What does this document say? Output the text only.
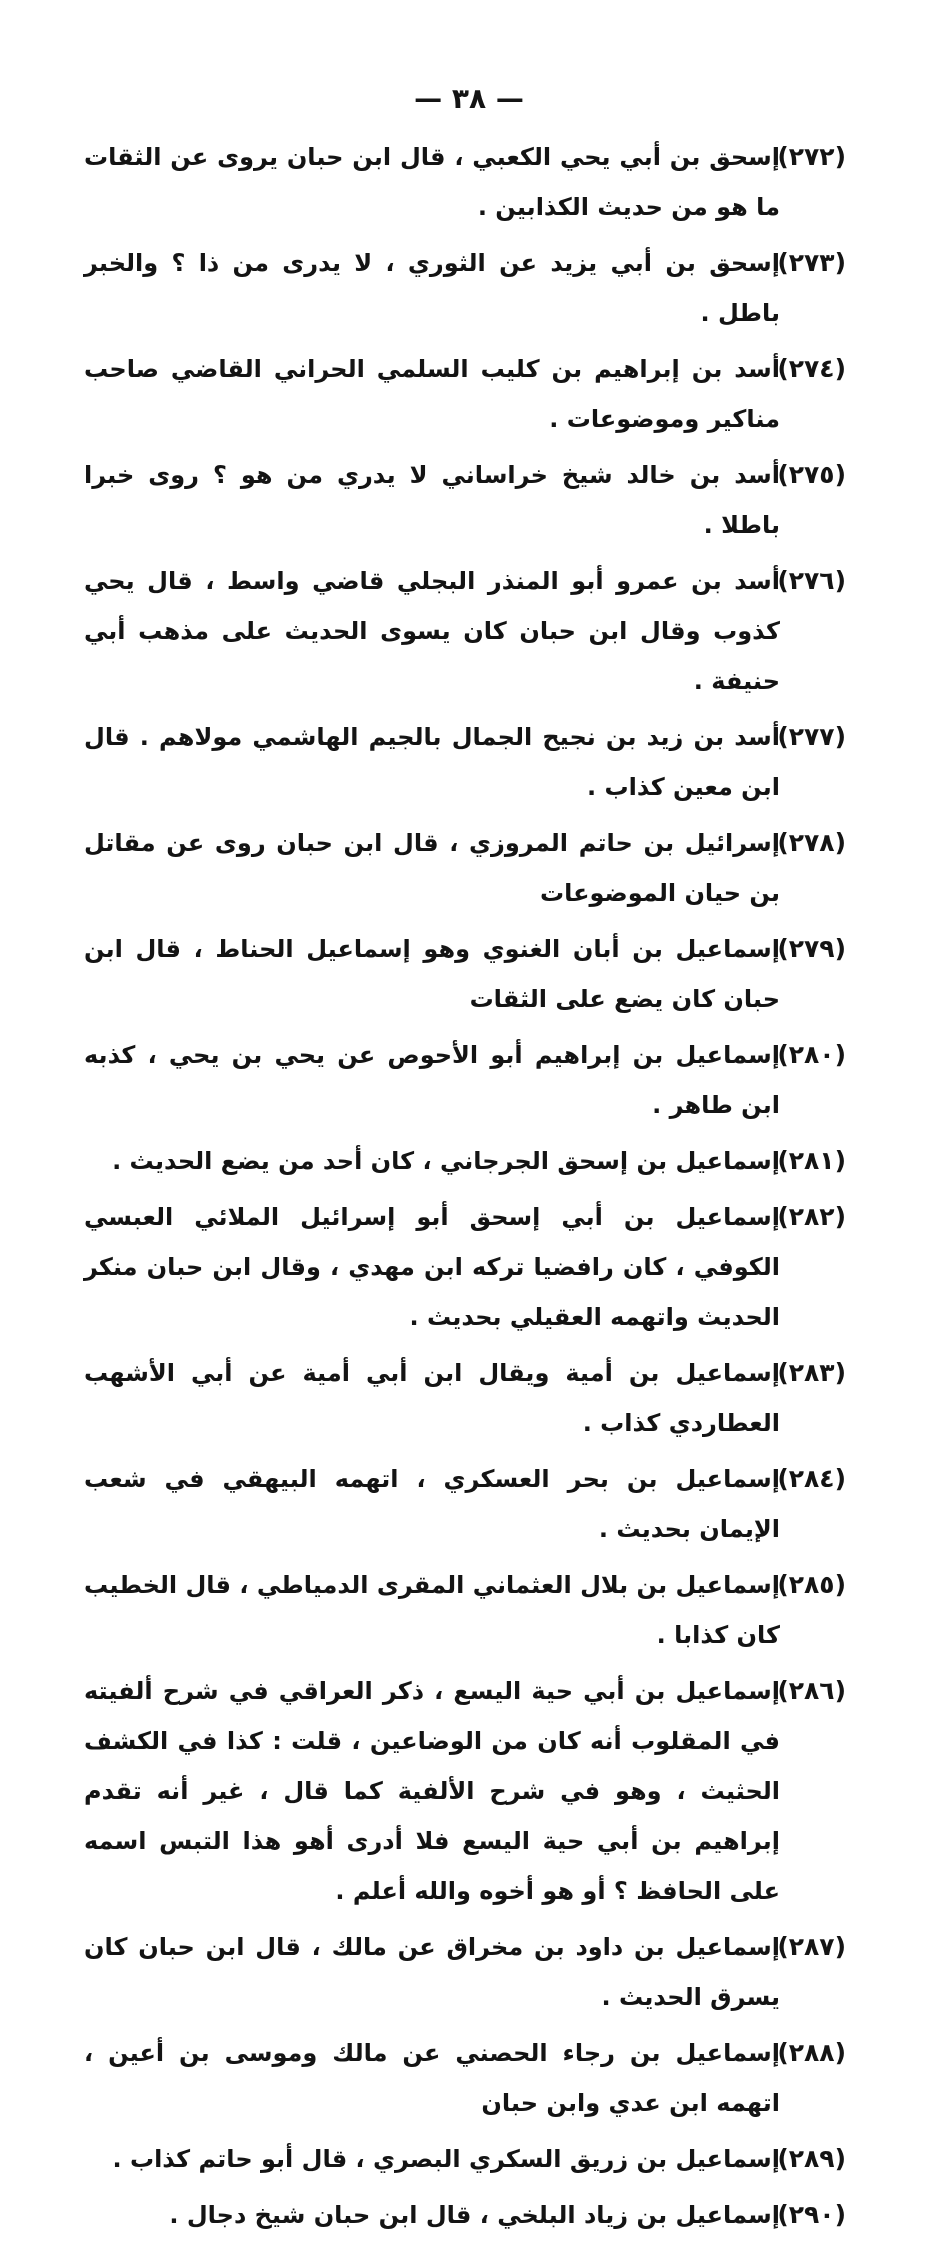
— ٣٨ —
(٢٧٢)
إسحق بن أبي يحي الكعبي ، قال ابن حبان يروى عن الثقات ما هو من حديث الكذابين .
(٢٧٣)
إسحق بن أبي يزيد عن الثوري ، لا يدرى من ذا ؟ والخبر باطل .
(٢٧٤)
أسد بن إبراهيم بن كليب السلمي الحراني القاضي صاحب مناكير وموضوعات .
(٢٧٥)
أسد بن خالد شيخ خراساني لا يدري من هو ؟ روى خبرا باطلا .
(٢٧٦)
أسد بن عمرو أبو المنذر البجلي قاضي واسط ، قال يحي كذوب وقال ابن حبان كان يسوى الحديث على مذهب أبي حنيفة .
(٢٧٧)
أسد بن زيد بن نجيح الجمال بالجيم الهاشمي مولاهم . قال ابن معين كذاب .
(٢٧٨)
إسرائيل بن حاتم المروزي ، قال ابن حبان روى عن مقاتل بن حيان الموضوعات
(٢٧٩)
إسماعيل بن أبان الغنوي وهو إسماعيل الحناط ، قال ابن حبان كان يضع على الثقات
(٢٨٠)
إسماعيل بن إبراهيم أبو الأحوص عن يحي بن يحي ، كذبه ابن طاهر .
(٢٨١)
إسماعيل بن إسحق الجرجاني ، كان أحد من يضع الحديث .
(٢٨٢)
إسماعيل بن أبي إسحق أبو إسرائيل الملائي العبسي الكوفي ، كان رافضيا تركه ابن مهدي ، وقال ابن حبان منكر الحديث واتهمه العقيلي بحديث .
(٢٨٣)
إسماعيل بن أمية ويقال ابن أبي أمية عن أبي الأشهب العطاردي كذاب .
(٢٨٤)
إسماعيل بن بحر العسكري ، اتهمه البيهقي في شعب الإيمان بحديث .
(٢٨٥)
إسماعيل بن بلال العثماني المقرى الدمياطي ، قال الخطيب كان كذابا .
(٢٨٦)
إسماعيل بن أبي حية اليسع ، ذكر العراقي في شرح ألفيته في المقلوب أنه كان من الوضاعين ، قلت : كذا في الكشف الحثيث ، وهو في شرح الألفية كما قال ، غير أنه تقدم إبراهيم بن أبي حية اليسع فلا أدرى أهو هذا التبس اسمه على الحافظ ؟ أو هو أخوه والله أعلم .
(٢٨٧)
إسماعيل بن داود بن مخراق عن مالك ، قال ابن حبان كان يسرق الحديث .
(٢٨٨)
إسماعيل بن رجاء الحصني عن مالك وموسى بن أعين ، اتهمه ابن عدي وابن حبان
(٢٨٩)
إسماعيل بن زريق السكري البصري ، قال أبو حاتم كذاب .
(٢٩٠)
إسماعيل بن زياد البلخي ، قال ابن حبان شيخ دجال .
